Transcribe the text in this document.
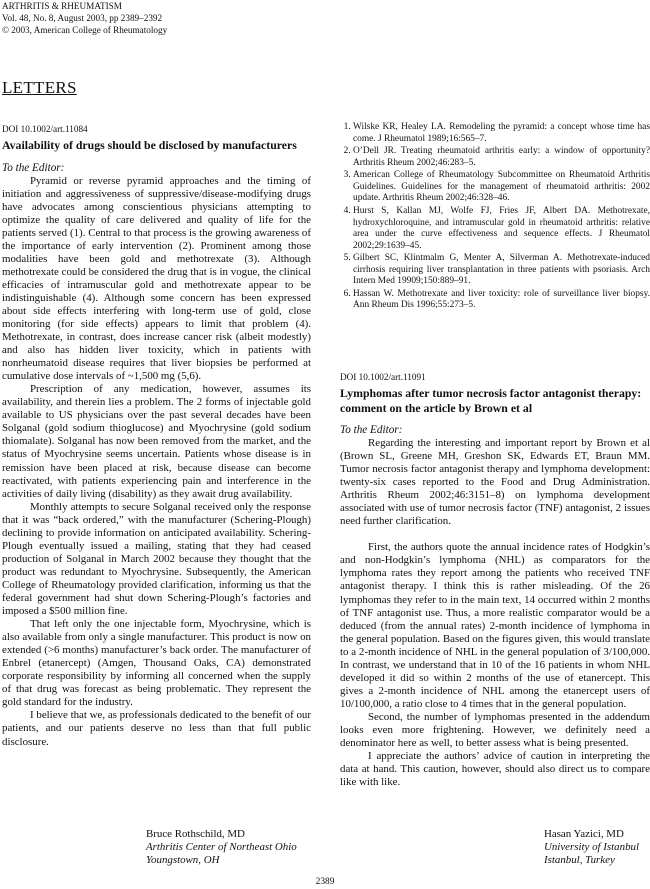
ARTHRITIS & RHEUMATISM
Vol. 48, No. 8, August 2003, pp 2389–2392
© 2003, American College of Rheumatology
LETTERS
DOI 10.1002/art.11084
Availability of drugs should be disclosed by manufacturers
To the Editor:

Pyramid or reverse pyramid approaches and the timing of initiation and aggressiveness of suppressive/disease-modifying drugs have advocates among conscientious physicians attempting to optimize the quality of care delivered and quality of life for the patients served (1). Central to that process is the growing awareness of the importance of early intervention (2). Prominent among those modalities have been gold and methotrexate (3). Although methotrexate could be considered the drug that is in vogue, the clinical efficacies of intramuscular gold and methotrexate appear to be indistinguishable (4). Although some concern has been expressed about side effects interfering with long-term use of gold, close monitoring (for side effects) appears to limit that problem (4). Methotrexate, in contrast, does increase cancer risk (albeit modestly) and also has hidden liver toxicity, which in patients with nonrheumatoid disease requires that liver biopsies be performed at cumulative dose intervals of ~1,500 mg (5,6).

Prescription of any medication, however, assumes its availability, and therein lies a problem. The 2 forms of injectable gold available to US physicians over the past several decades have been Solganal (gold sodium thioglucose) and Myochrysine (gold sodium thiomalate). Solganal has now been removed from the market, and the status of Myochrysine seems uncertain. Patients whose disease is in remission have been placed at risk, because disease can become reactivated, with patients experiencing pain and interference in the activities of daily living (disability) as they await drug availability.

Monthly attempts to secure Solganal received only the response that it was “back ordered,” with the manufacturer (Schering-Plough) declining to provide information on anticipated availability. Schering-Plough eventually issued a mailing, stating that they had ceased production of Solganal in March 2002 because they thought that the product was redundant to Myochrysine. Subsequently, the American College of Rheumatology provided clarification, informing us that the federal government had shut down Schering-Plough’s factories and imposed a $500 million fine.

That left only the one injectable form, Myochrysine, which is also available from only a single manufacturer. This product is now on extended (>6 months) manufacturer’s back order. The manufacturer of Enbrel (etanercept) (Amgen, Thousand Oaks, CA) demonstrated corporate responsibility by informing all concerned when the supply of that drug was forecast as being problematic. They represent the gold standard for the industry.

I believe that we, as professionals dedicated to the benefit of our patients, and our patients deserve no less than that full public disclosure.

Bruce Rothschild, MD
Arthritis Center of Northeast Ohio
Youngstown, OH
1. Wilske KR, Healey LA. Remodeling the pyramid: a concept whose time has come. J Rheumatol 1989;16:565–7.
2. O’Dell JR. Treating rheumatoid arthritis early: a window of opportunity? Arthritis Rheum 2002;46:283–5.
3. American College of Rheumatology Subcommittee on Rheumatoid Arthritis Guidelines. Guidelines for the management of rheumatoid arthritis: 2002 update. Arthritis Rheum 2002;46:328–46.
4. Hurst S, Kallan MJ, Wolfe FJ, Fries JF, Albert DA. Methotrexate, hydroxychloroquine, and intramuscular gold in rheumatoid arthritis: relative area under the curve effectiveness and sequence effects. J Rheumatol 2002;29:1639–45.
5. Gilbert SC, Klintmalm G, Menter A, Silverman A. Methotrexate-induced cirrhosis requiring liver transplantation in three patients with psoriasis. Arch Intern Med 19909;150:889–91.
6. Hassan W. Methotrexate and liver toxicity: role of surveillance liver biopsy. Ann Rheum Dis 1996;55:273–5.
DOI 10.1002/art.11091
Lymphomas after tumor necrosis factor antagonist therapy: comment on the article by Brown et al
To the Editor:

Regarding the interesting and important report by Brown et al (Brown SL, Greene MH, Greshon SK, Edwards ET, Braun MM. Tumor necrosis factor antagonist therapy and lymphoma development: twenty-six cases reported to the Food and Drug Administration. Arthritis Rheum 2002;46:3151–8) on lymphoma development associated with use of tumor necrosis factor (TNF) antagonist, 2 issues need further clarification.

First, the authors quote the annual incidence rates of Hodgkin’s and non-Hodgkin’s lymphoma (NHL) as comparators for the lymphoma rates they report among the patients who received TNF antagonist therapy. I think this is rather misleading. Of the 26 lymphomas they refer to in the main text, 14 occurred within 2 months of TNF antagonist use. Thus, a more realistic comparator would be a deduced (from the annual rates) 2-month incidence of lymphoma in the general population. Based on the figures given, this would translate to a 2-month incidence of NHL in the general population of 3/100,000. In contrast, we understand that in 10 of the 16 patients in whom NHL developed it did so within 2 months of the use of etanercept. This gives a 2-month incidence of NHL among the etanercept users of 10/100,000, a ratio close to 4 times that in the general population.

Second, the number of lymphomas presented in the addendum looks even more frightening. However, we definitely need a denominator here as well, to better assess what is being presented.

I appreciate the authors’ advice of caution in interpreting the data at hand. This caution, however, should also direct us to compare like with like.

Hasan Yazici, MD
University of Istanbul
Istanbul, Turkey
2389
